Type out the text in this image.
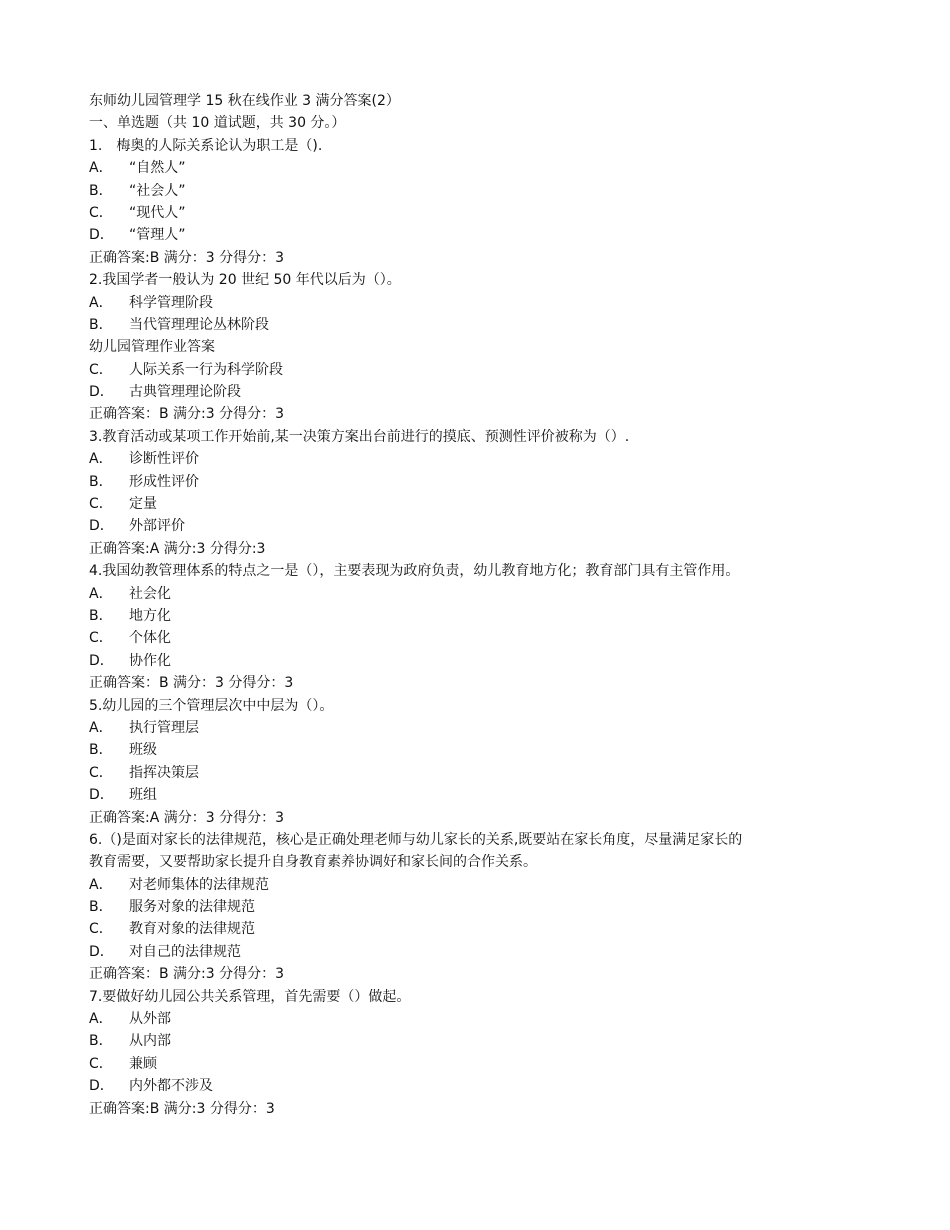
东师幼儿园管理学 15 秋在线作业 3 满分答案(2）
一、单选题（共 10 道试题，共 30 分。）
1.　梅奥的人际关系论认为职工是（).
A． “自然人”
B． “社会人”
C． “现代人”
D． “管理人”
正确答案:B 满分：3 分得分：3
2.我国学者一般认为 20 世纪 50 年代以后为（）。
A． 科学管理阶段
B． 当代管理理论丛林阶段
幼儿园管理作业答案
C． 人际关系一行为科学阶段
D． 古典管理理论阶段
正确答案：B 满分:3 分得分：3
3.教育活动或某项工作开始前,某一决策方案出台前进行的摸底、预测性评价被称为（）.
A． 诊断性评价
B． 形成性评价
C． 定量
D． 外部评价
正确答案:A 满分:3 分得分:3
4.我国幼教管理体系的特点之一是（），主要表现为政府负责，幼儿教育地方化；教育部门具有主管作用。
A． 社会化
B． 地方化
C． 个体化
D． 协作化
正确答案：B 满分：3 分得分：3
5.幼儿园的三个管理层次中中层为（）。
A． 执行管理层
B． 班级
C． 指挥决策层
D． 班组
正确答案:A 满分：3 分得分：3
6.（)是面对家长的法律规范，核心是正确处理老师与幼儿家长的关系,既要站在家长角度，尽量满足家长的
教育需要，又要帮助家长提升自身教育素养协调好和家长间的合作关系。
A． 对老师集体的法律规范
B． 服务对象的法律规范
C． 教育对象的法律规范
D． 对自己的法律规范
正确答案：B 满分:3 分得分：3
7.要做好幼儿园公共关系管理，首先需要（）做起。
A． 从外部
B． 从内部
C． 兼顾
D． 内外都不涉及
正确答案:B 满分:3 分得分：3
